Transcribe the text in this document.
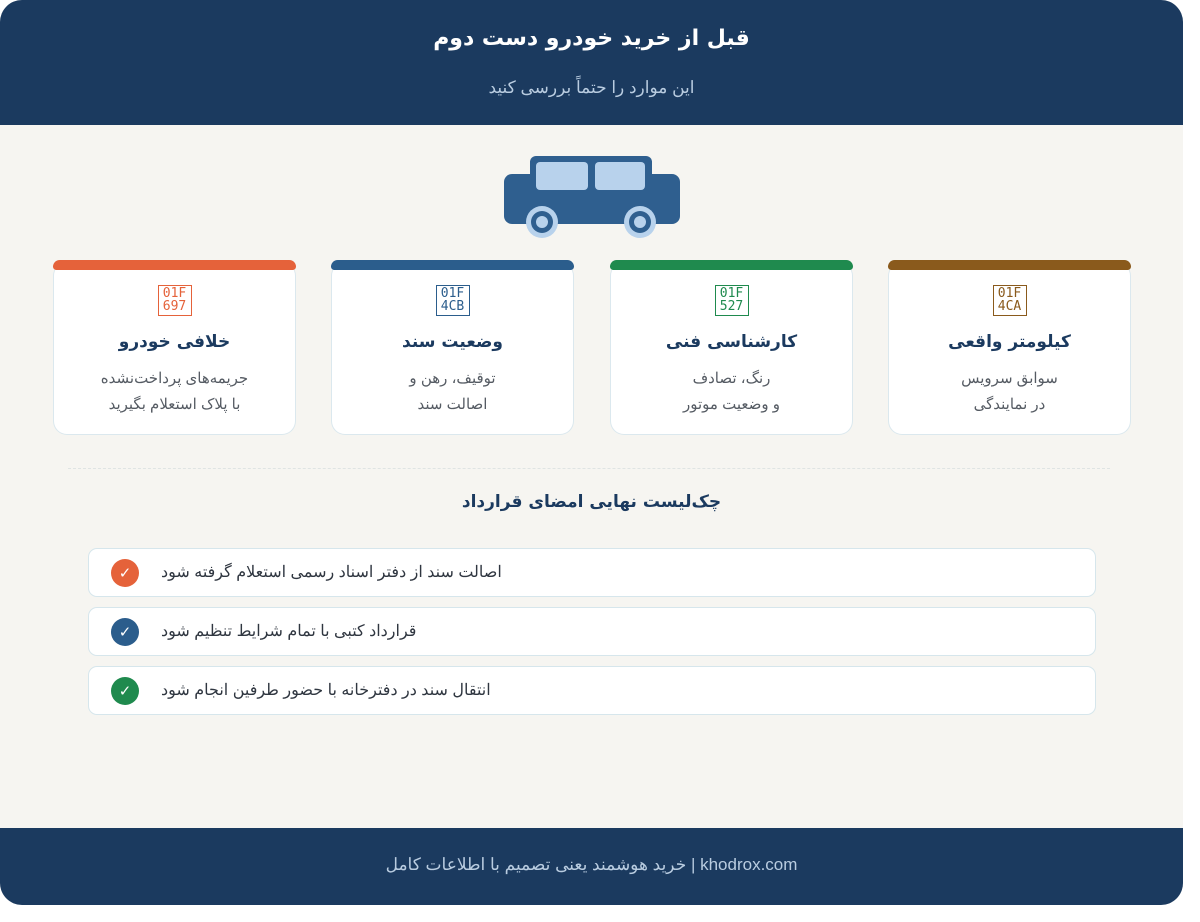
قبل از خرید خودرو دست دوم
این موارد را حتماً بررسی کنید
01F
4CA
کیلومتر واقعی
سوابق سرویس
در نمایندگی
01F
527
کارشناسی فنی
رنگ، تصادف
و وضعیت موتور
01F
4CB
وضعیت سند
توقیف، رهن و
اصالت سند
01F
697
خلافی خودرو
جریمه‌های پرداخت‌نشده
با پلاک استعلام بگیرید
چک‌لیست نهایی امضای قرارداد
✓	اصالت سند از دفتر اسناد رسمی استعلام گرفته شود
✓	قرارداد کتبی با تمام شرایط تنظیم شود
✓	انتقال سند در دفترخانه با حضور طرفین انجام شود
khodrox.com | خرید هوشمند یعنی تصمیم با اطلاعات کامل
